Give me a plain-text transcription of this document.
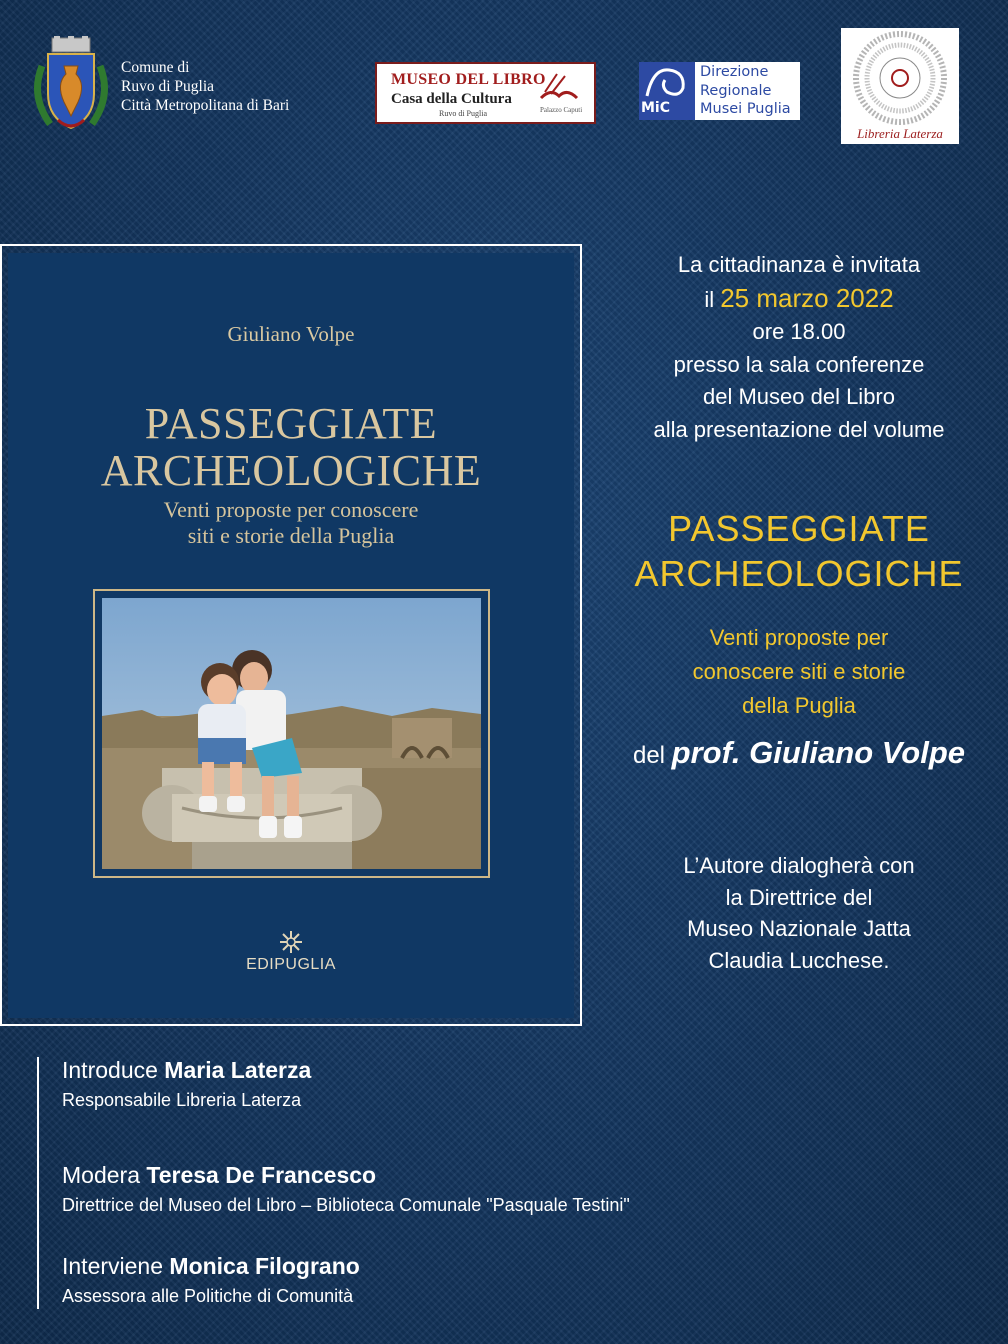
Comune di
Ruvo di Puglia
Città Metropolitana di Bari
MUSEO DEL LIBRO
Casa della Cultura
Ruvo di Puglia	Palazzo Caputi	MiC
Direzione
Regionale
Musei Puglia
Libreria Laterza
Giuliano Volpe
PASSEGGIATE
ARCHEOLOGICHE
Venti proposte per conoscere
siti e storie della Puglia
EDIPUGLIA
La cittadinanza è invitata
il 25 marzo 2022
ore 18.00
presso la sala conferenze
del Museo del Libro
alla presentazione del volume
PASSEGGIATE
ARCHEOLOGICHE
Venti proposte per
conoscere siti e storie
della Puglia
del prof. Giuliano Volpe
L’Autore dialogherà con
la Direttrice del
Museo Nazionale Jatta
Claudia Lucchese.
Introduce Maria Laterza
Responsabile Libreria Laterza
Modera Teresa De Francesco
Direttrice del Museo del Libro – Biblioteca Comunale "Pasquale Testini"
Interviene Monica Filograno
Assessora alle Politiche di Comunità
